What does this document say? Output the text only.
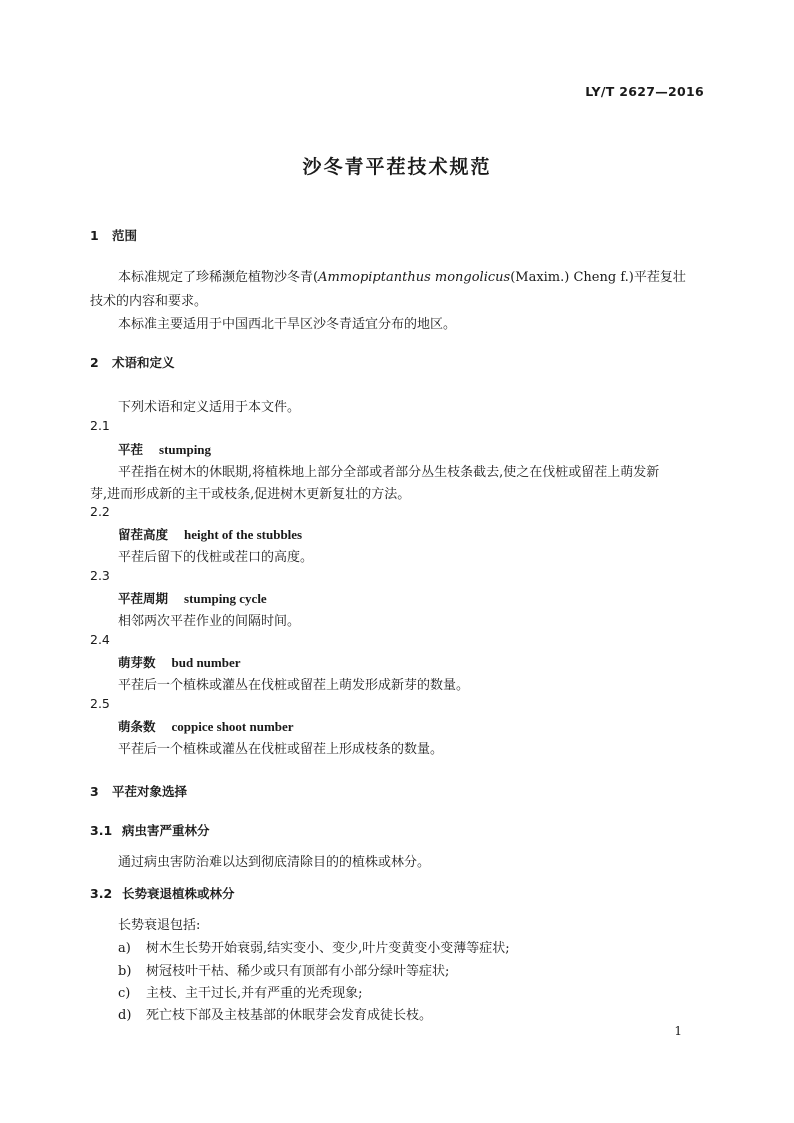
LY/T 2627—2016
沙冬青平茬技术规范
1 范围
本标准规定了珍稀濒危植物沙冬青(Ammopiptanthus mongolicus(Maxim.) Cheng f.)平茬复壮
技术的内容和要求。
本标准主要适用于中国西北干旱区沙冬青适宜分布的地区。
2 术语和定义
下列术语和定义适用于本文件。
2.1
平茬 stumping
平茬指在树木的休眠期,将植株地上部分全部或者部分丛生枝条截去,使之在伐桩或留茬上萌发新
芽,进而形成新的主干或枝条,促进树木更新复壮的方法。
2.2
留茬高度 height of the stubbles
平茬后留下的伐桩或茬口的高度。
2.3
平茬周期 stumping cycle
相邻两次平茬作业的间隔时间。
2.4
萌芽数 bud number
平茬后一个植株或灌丛在伐桩或留茬上萌发形成新芽的数量。
2.5
萌条数 coppice shoot number
平茬后一个植株或灌丛在伐桩或留茬上形成枝条的数量。
3 平茬对象选择
3.1 病虫害严重林分
通过病虫害防治难以达到彻底清除目的的植株或林分。
3.2 长势衰退植株或林分
长势衰退包括:
a) 树木生长势开始衰弱,结实变小、变少,叶片变黄变小变薄等症状;
b) 树冠枝叶干枯、稀少或只有顶部有小部分绿叶等症状;
c) 主枝、主干过长,并有严重的光秃现象;
d) 死亡枝下部及主枝基部的休眠芽会发育成徒长枝。
1
